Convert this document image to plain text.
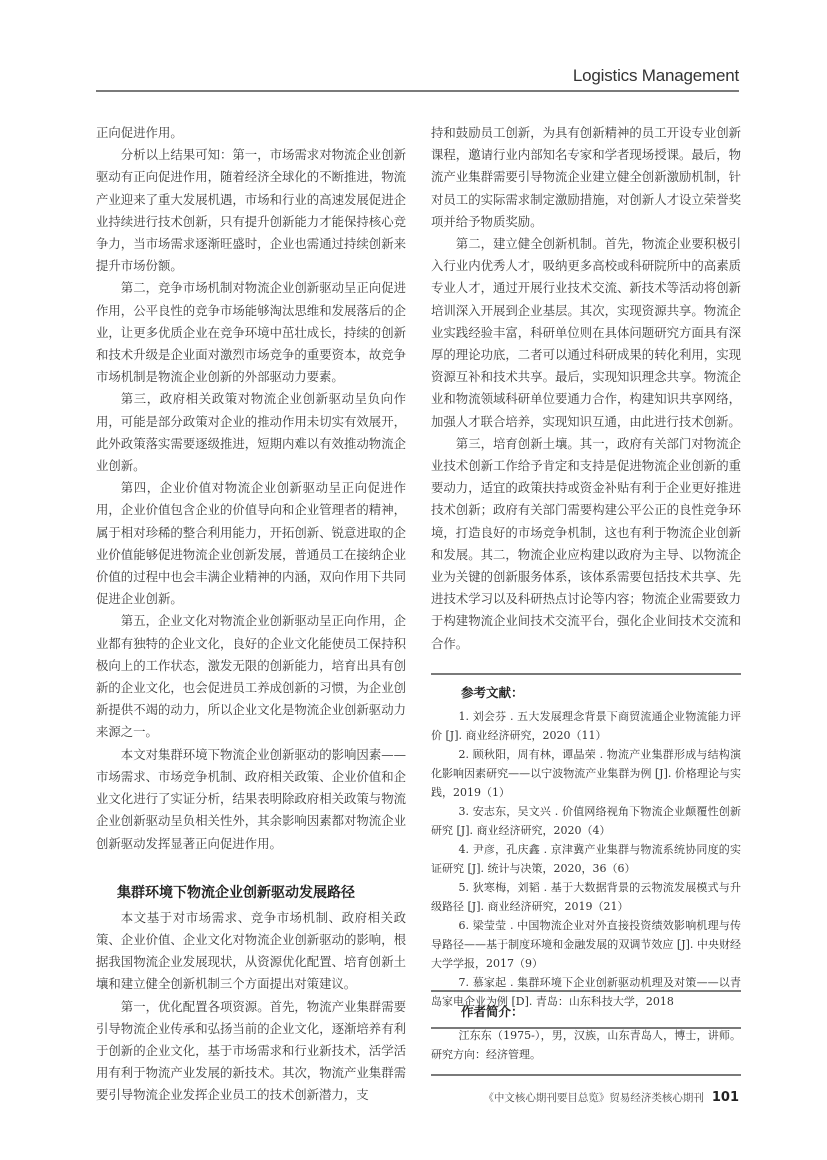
Logistics Management

正向促进作用。

分析以上结果可知：第一，市场需求对物流企业创新驱动有正向促进作用，随着经济全球化的不断推进，物流产业迎来了重大发展机遇，市场和行业的高速发展促进企业持续进行技术创新，只有提升创新能力才能保持核心竞争力，当市场需求逐渐旺盛时，企业也需通过持续创新来提升市场份额。

第二，竞争市场机制对物流企业创新驱动呈正向促进作用，公平良性的竞争市场能够淘汰思维和发展落后的企业，让更多优质企业在竞争环境中茁壮成长，持续的创新和技术升级是企业面对激烈市场竞争的重要资本，故竞争市场机制是物流企业创新的外部驱动力要素。

第三，政府相关政策对物流企业创新驱动呈负向作用，可能是部分政策对企业的推动作用未切实有效展开，此外政策落实需要逐级推进，短期内难以有效推动物流企业创新。

第四，企业价值对物流企业创新驱动呈正向促进作用，企业价值包含企业的价值导向和企业管理者的精神，属于相对珍稀的整合利用能力，开拓创新、锐意进取的企业价值能够促进物流企业创新发展，普通员工在接纳企业价值的过程中也会丰满企业精神的内涵，双向作用下共同促进企业创新。

第五，企业文化对物流企业创新驱动呈正向作用，企业都有独特的企业文化，良好的企业文化能使员工保持积极向上的工作状态，激发无限的创新能力，培育出具有创新的企业文化，也会促进员工养成创新的习惯，为企业创新提供不竭的动力，所以企业文化是物流企业创新驱动力来源之一。

本文对集群环境下物流企业创新驱动的影响因素——市场需求、市场竞争机制、政府相关政策、企业价值和企业文化进行了实证分析，结果表明除政府相关政策与物流企业创新驱动呈负相关性外，其余影响因素都对物流企业创新驱动发挥显著正向促进作用。

集群环境下物流企业创新驱动发展路径

本文基于对市场需求、竞争市场机制、政府相关政策、企业价值、企业文化对物流企业创新驱动的影响，根据我国物流企业发展现状，从资源优化配置、培育创新土壤和建立健全创新机制三个方面提出对策建议。

第一，优化配置各项资源。首先，物流产业集群需要引导物流企业传承和弘扬当前的企业文化，逐渐培养有利于创新的企业文化，基于市场需求和行业新技术，活学活用有利于物流产业发展的新技术。其次，物流产业集群需要引导物流企业发挥企业员工的技术创新潜力，支

持和鼓励员工创新，为具有创新精神的员工开设专业创新课程，邀请行业内部知名专家和学者现场授课。最后，物流产业集群需要引导物流企业建立健全创新激励机制，针对员工的实际需求制定激励措施，对创新人才设立荣誉奖项并给予物质奖励。

第二，建立健全创新机制。首先，物流企业要积极引入行业内优秀人才，吸纳更多高校或科研院所中的高素质专业人才，通过开展行业技术交流、新技术等活动将创新培训深入开展到企业基层。其次，实现资源共享。物流企业实践经验丰富，科研单位则在具体问题研究方面具有深厚的理论功底，二者可以通过科研成果的转化利用，实现资源互补和技术共享。最后，实现知识理念共享。物流企业和物流领域科研单位要通力合作，构建知识共享网络，加强人才联合培养，实现知识互通，由此进行技术创新。

第三，培育创新土壤。其一，政府有关部门对物流企业技术创新工作给予肯定和支持是促进物流企业创新的重要动力，适宜的政策扶持或资金补贴有利于企业更好推进技术创新；政府有关部门需要构建公平公正的良性竞争环境，打造良好的市场竞争机制，这也有利于物流企业创新和发展。其二，物流企业应构建以政府为主导、以物流企业为关键的创新服务体系，该体系需要包括技术共享、先进技术学习以及科研热点讨论等内容；物流企业需要致力于构建物流企业间技术交流平台，强化企业间技术交流和合作。

参考文献：

1. 刘会芬 . 五大发展理念背景下商贸流通企业物流能力评价 [J]. 商业经济研究，2020（11）

2. 顾秋阳，周有林，谭晶荣 . 物流产业集群形成与结构演化影响因素研究——以宁波物流产业集群为例 [J]. 价格理论与实践，2019（1）

3. 安志东，吴文兴 . 价值网络视角下物流企业颠覆性创新研究 [J]. 商业经济研究，2020（4）

4. 尹彦，孔庆鑫 . 京津冀产业集群与物流系统协同度的实证研究 [J]. 统计与决策，2020，36（6）

5. 狄寒梅，刘韬 . 基于大数据背景的云物流发展模式与升级路径 [J]. 商业经济研究，2019（21）

6. 梁莹莹 . 中国物流企业对外直接投资绩效影响机理与传导路径——基于制度环境和金融发展的双调节效应 [J]. 中央财经大学学报，2017（9）

7. 慕家起 . 集群环境下企业创新驱动机理及对策——以青岛家电企业为例 [D]. 青岛：山东科技大学，2018

作者简介：

江东东（1975-），男，汉族，山东青岛人，博士，讲师。研究方向：经济管理。

《中文核心期刊要目总览》贸易经济类核心期刊 101
